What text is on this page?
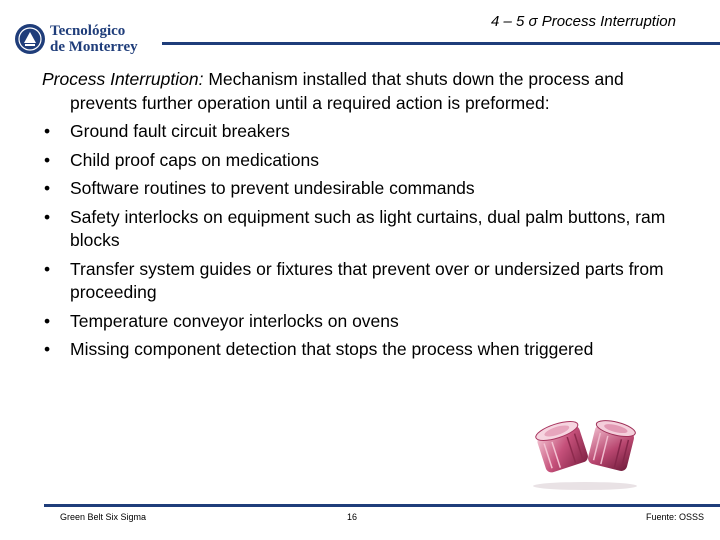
Tecnológico
de Monterrey
4 – 5 σ Process Interruption

Process Interruption: Mechanism installed that shuts down the process and prevents further operation until a required action is preformed:

• Ground fault circuit breakers
• Child proof caps on medications
• Software routines to prevent undesirable commands
• Safety interlocks on equipment such as light curtains, dual palm buttons, ram blocks
• Transfer system guides or fixtures that prevent over or undersized parts from proceeding
• Temperature conveyor interlocks on ovens
• Missing component detection that stops the process when triggered
Green Belt Six Sigma	16	Fuente: OSSS
